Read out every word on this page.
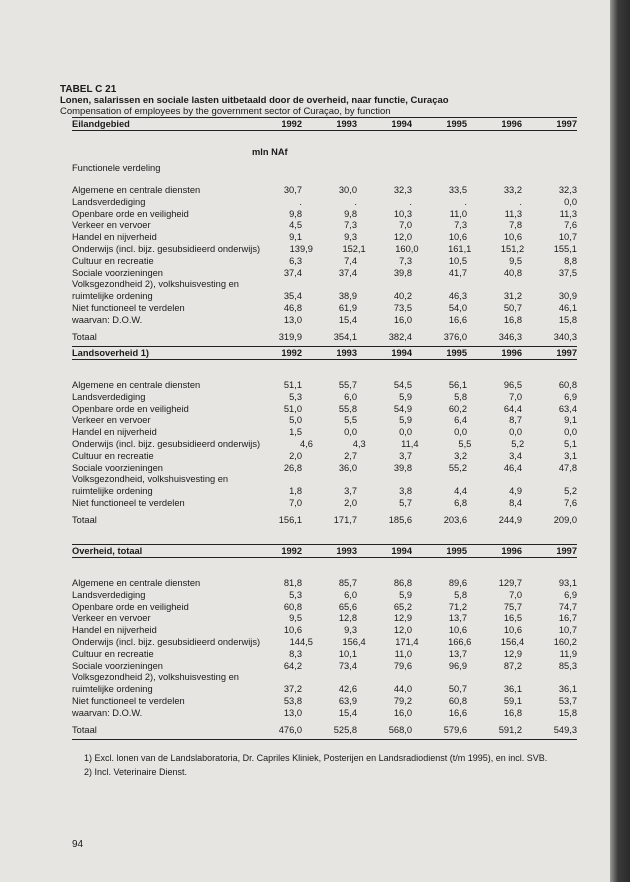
TABEL C 21
Lonen, salarissen en sociale lasten uitbetaald door de overheid, naar functie, Curaçao
Compensation of employees by the government sector of Curaçao, by function
Eilandgebied	1992	1993	1994	1995	1996	1997
mln NAf
Functionele verdeling
Algemene en centrale diensten	30,7	30,0	32,3	33,5	33,2	32,3
Landsverdediging	.	.	.	.	.	0,0
Openbare orde en veiligheid	9,8	9,8	10,3	11,0	11,3	11,3
Verkeer en vervoer	4,5	7,3	7,0	7,3	7,8	7,6
Handel en nijverheid	9,1	9,3	12,0	10,6	10,6	10,7
Onderwijs (incl. bijz. gesubsidieerd onderwijs)	139,9	152,1	160,0	161,1	151,2	155,1
Cultuur en recreatie	6,3	7,4	7,3	10,5	9,5	8,8
Sociale voorzieningen	37,4	37,4	39,8	41,7	40,8	37,5
Volksgezondheid 2), volkshuisvesting en
ruimtelijke ordening	35,4	38,9	40,2	46,3	31,2	30,9
Niet functioneel te verdelen	46,8	61,9	73,5	54,0	50,7	46,1
waarvan: D.O.W.	13,0	15,4	16,0	16,6	16,8	15,8
Totaal	319,9	354,1	382,4	376,0	346,3	340,3
Landsoverheid 1)	1992	1993	1994	1995	1996	1997
Algemene en centrale diensten	51,1	55,7	54,5	56,1	96,5	60,8
Landsverdediging	5,3	6,0	5,9	5,8	7,0	6,9
Openbare orde en veiligheid	51,0	55,8	54,9	60,2	64,4	63,4
Verkeer en vervoer	5,0	5,5	5,9	6,4	8,7	9,1
Handel en nijverheid	1,5	0,0	0,0	0,0	0,0	0,0
Onderwijs (incl. bijz. gesubsidieerd onderwijs)	4,6	4,3	11,4	5,5	5,2	5,1
Cultuur en recreatie	2,0	2,7	3,7	3,2	3,4	3,1
Sociale voorzieningen	26,8	36,0	39,8	55,2	46,4	47,8
Volksgezondheid, volkshuisvesting en
ruimtelijke ordening	1,8	3,7	3,8	4,4	4,9	5,2
Niet functioneel te verdelen	7,0	2,0	5,7	6,8	8,4	7,6
Totaal	156,1	171,7	185,6	203,6	244,9	209,0
Overheid, totaal	1992	1993	1994	1995	1996	1997
Algemene en centrale diensten	81,8	85,7	86,8	89,6	129,7	93,1
Landsverdediging	5,3	6,0	5,9	5,8	7,0	6,9
Openbare orde en veiligheid	60,8	65,6	65,2	71,2	75,7	74,7
Verkeer en vervoer	9,5	12,8	12,9	13,7	16,5	16,7
Handel en nijverheid	10,6	9,3	12,0	10,6	10,6	10,7
Onderwijs (incl. bijz. gesubsidieerd onderwijs)	144,5	156,4	171,4	166,6	156,4	160,2
Cultuur en recreatie	8,3	10,1	11,0	13,7	12,9	11,9
Sociale voorzieningen	64,2	73,4	79,6	96,9	87,2	85,3
Volksgezondheid 2), volkshuisvesting en
ruimtelijke ordening	37,2	42,6	44,0	50,7	36,1	36,1
Niet functioneel te verdelen	53,8	63,9	79,2	60,8	59,1	53,7
waarvan: D.O.W.	13,0	15,4	16,0	16,6	16,8	15,8
Totaal	476,0	525,8	568,0	579,6	591,2	549,3
1) Excl. lonen van de Landslaboratoria, Dr. Capriles Kliniek, Posterijen en Landsradiodienst (t/m 1995), en incl. SVB.
2) Incl. Veterinaire Dienst.
94
